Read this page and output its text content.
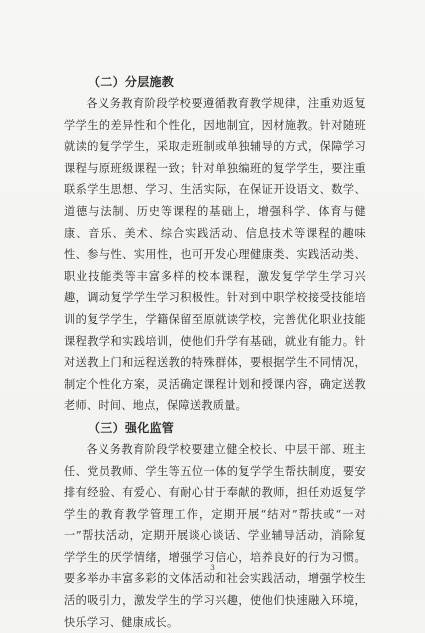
（二）分层施教

各义务教育阶段学校要遵循教育教学规律，注重劝返复学学生的差异性和个性化，因地制宜，因材施教。针对随班就读的复学学生，采取走班制或单独辅导的方式，保障学习课程与原班级课程一致；针对单独编班的复学学生，要注重联系学生思想、学习、生活实际，在保证开设语文、数学、道德与法制、历史等课程的基础上，增强科学、体育与健康、音乐、美术、综合实践活动、信息技术等课程的趣味性、参与性、实用性，也可开发心理健康类、实践活动类、职业技能类等丰富多样的校本课程，激发复学学生学习兴趣，调动复学学生学习积极性。针对到中职学校接受技能培训的复学学生，学籍保留至原就读学校，完善优化职业技能课程教学和实践培训，使他们升学有基础，就业有能力。针对送教上门和远程送教的特殊群体，要根据学生不同情况，制定个性化方案，灵活确定课程计划和授课内容，确定送教老师、时间、地点，保障送教质量。

（三）强化监管

各义务教育阶段学校要建立健全校长、中层干部、班主任、党员教师、学生等五位一体的复学学生帮扶制度，要安排有经验、有爱心、有耐心甘于奉献的教师，担任劝返复学学生的教育教学管理工作，定期开展“结对”帮扶或“一对一”帮扶活动，定期开展谈心谈话、学业辅导活动，消除复学学生的厌学情绪，增强学习信心，培养良好的行为习惯。要多举办丰富多彩的文体活动和社会实践活动，增强学校生活的吸引力，激发学生的学习兴趣，使他们快速融入环境，快乐学习、健康成长。

3
